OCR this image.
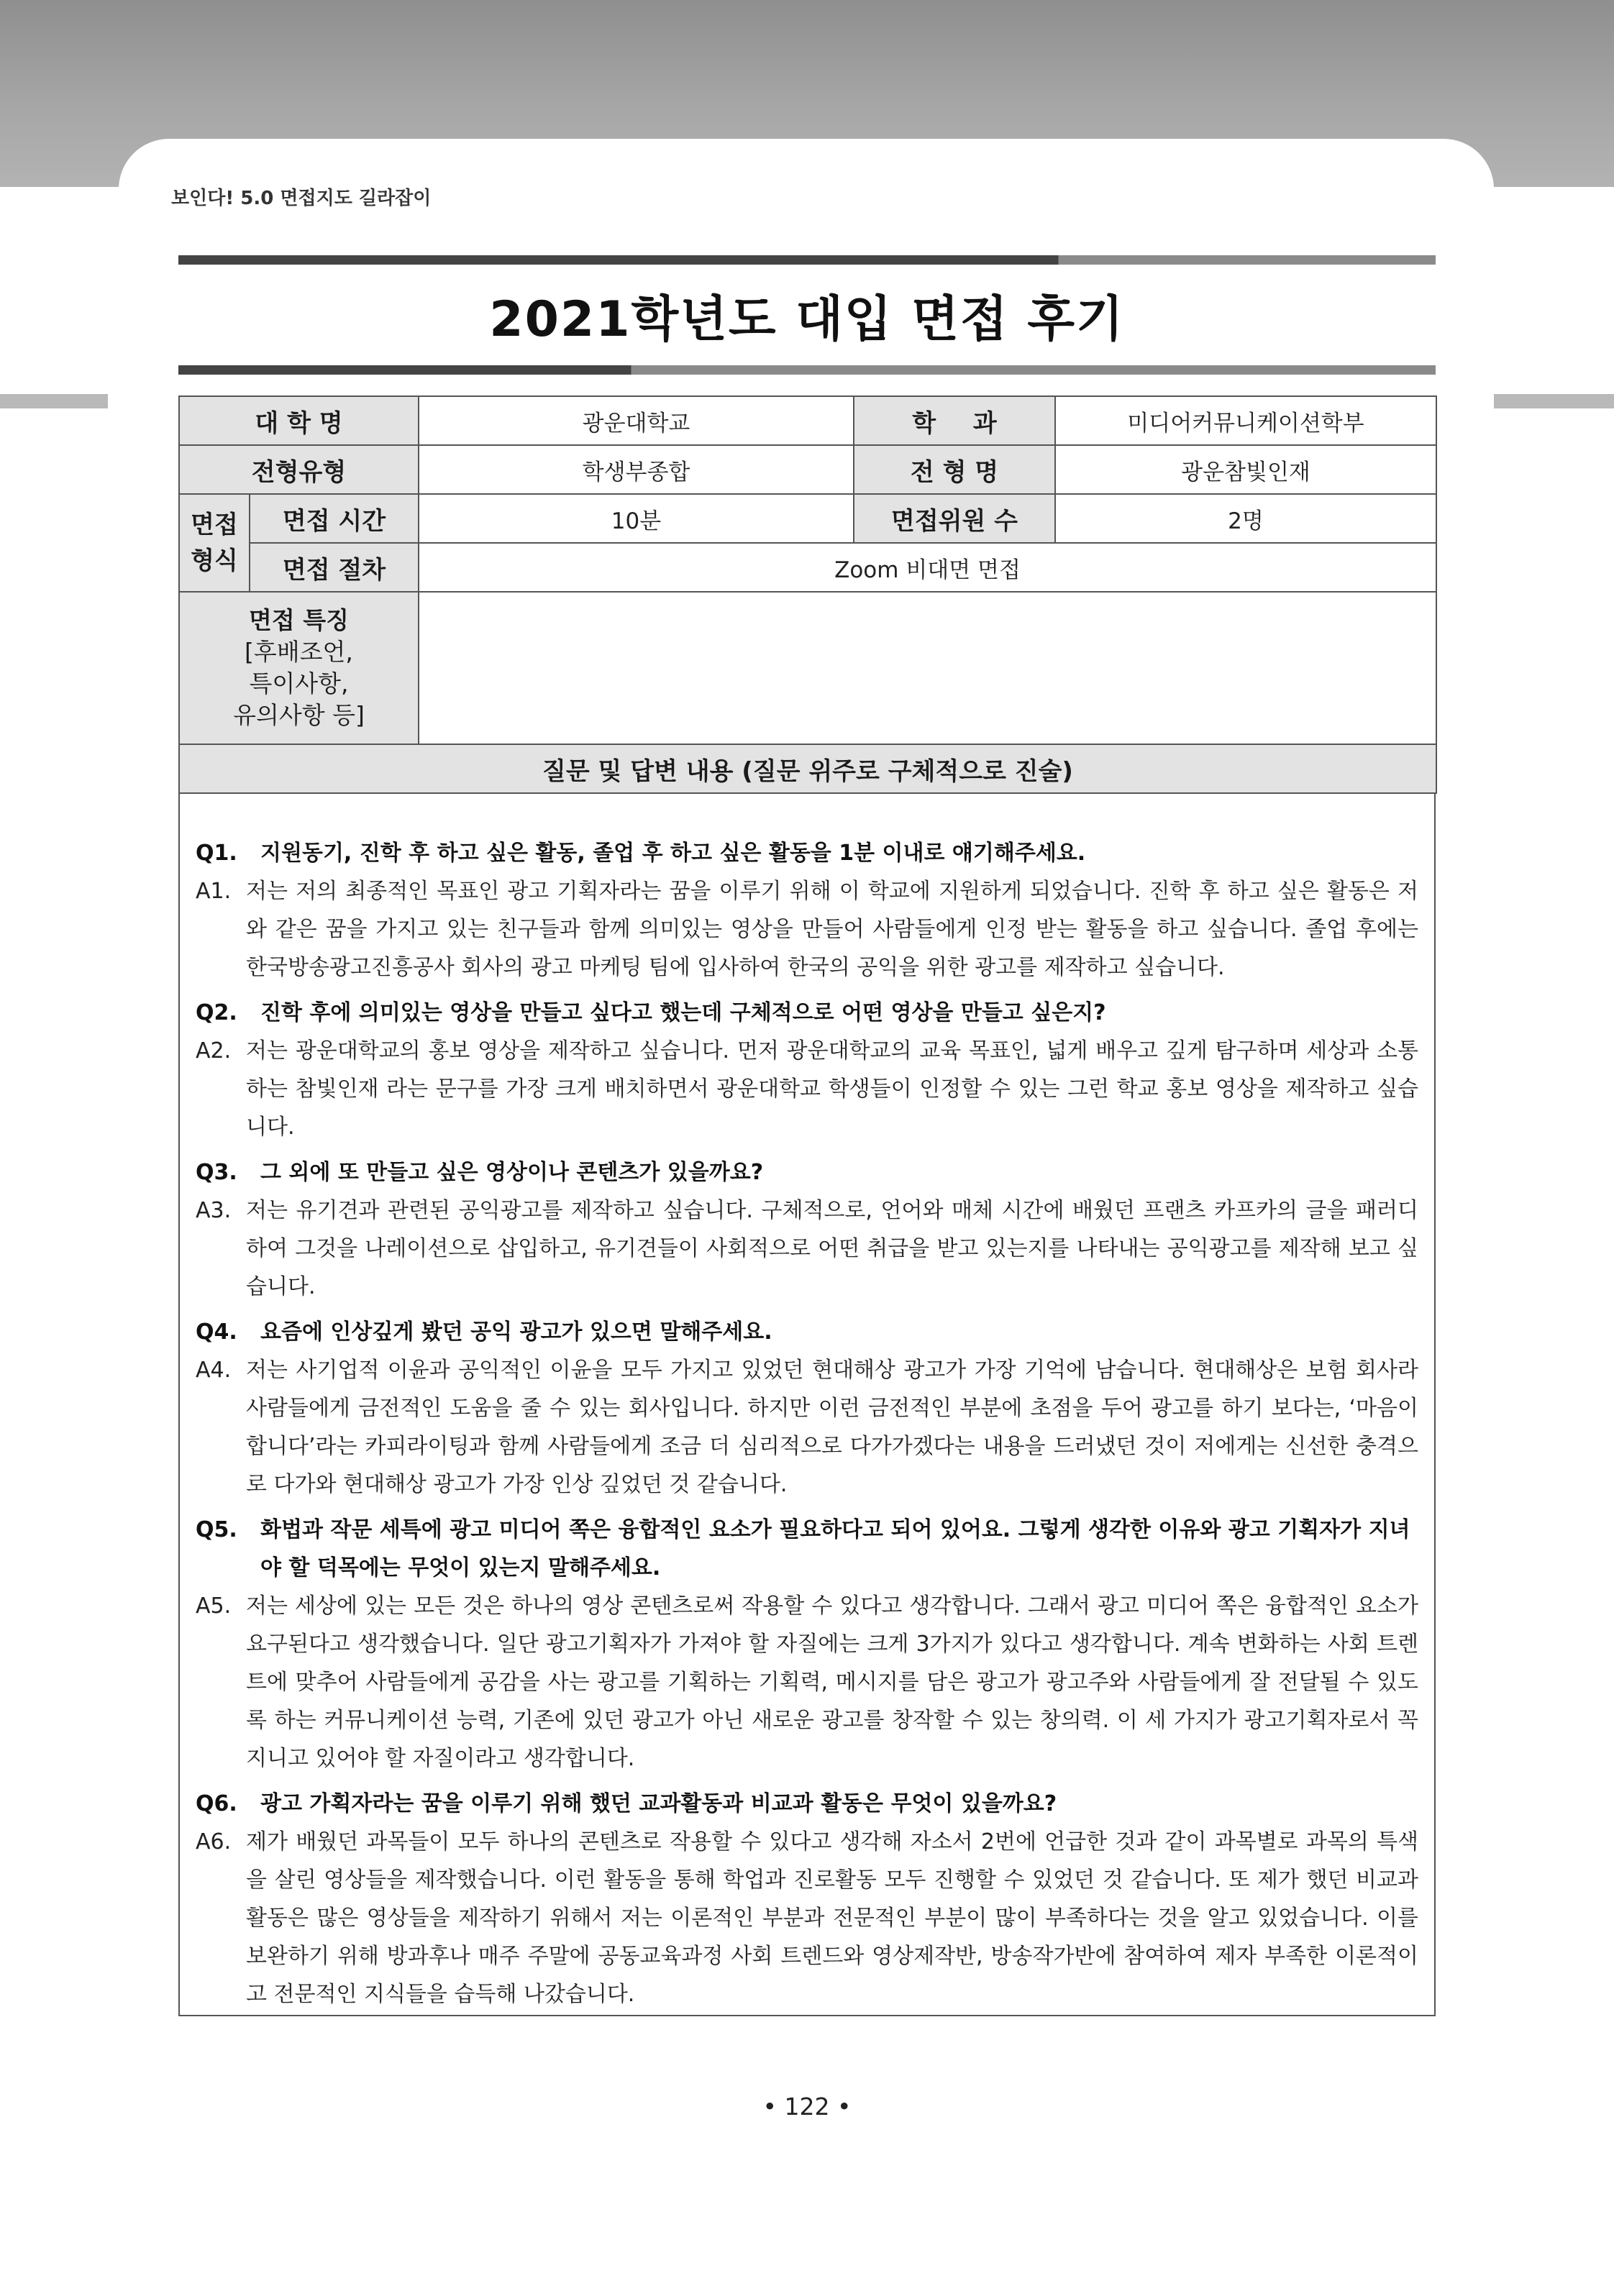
보인다! 5.0 면접지도 길라잡이
2021학년도 대입 면접 후기
대 학 명		광운대학교	학 과	미디어커뮤니케이션학부
전형유형		학생부종합	전 형 명	광운참빛인재

면접 형식	면접 시간	10분	면접위원 수	2명
	면접 절차	Zoom 비대면 면접		

면접 특징
[후배조언,
특이사항,
유의사항 등]				

질문 및 답변 내용 (질문 위주로 구체적으로 진술)				
Q1. 지원동기, 진학 후 하고 싶은 활동, 졸업 후 하고 싶은 활동을 1분 이내로 얘기해주세요.
A1. 저는 저의 최종적인 목표인 광고 기획자라는 꿈을 이루기 위해 이 학교에 지원하게 되었습니다. 진학 후 하고 싶은 활동은 저와 같은 꿈을 가지고 있는 친구들과 함께 의미있는 영상을 만들어 사람들에게 인정 받는 활동을 하고 싶습니다. 졸업 후에는 한국방송광고진흥공사 회사의 광고 마케팅 팀에 입사하여 한국의 공익을 위한 광고를 제작하고 싶습니다.
Q2. 진학 후에 의미있는 영상을 만들고 싶다고 했는데 구체적으로 어떤 영상을 만들고 싶은지?
A2. 저는 광운대학교의 홍보 영상을 제작하고 싶습니다. 먼저 광운대학교의 교육 목표인, 넓게 배우고 깊게 탐구하며 세상과 소통하는 참빛인재 라는 문구를 가장 크게 배치하면서 광운대학교 학생들이 인정할 수 있는 그런 학교 홍보 영상을 제작하고 싶습니다.
Q3. 그 외에 또 만들고 싶은 영상이나 콘텐츠가 있을까요?
A3. 저는 유기견과 관련된 공익광고를 제작하고 싶습니다. 구체적으로, 언어와 매체 시간에 배웠던 프랜츠 카프카의 글을 패러디하여 그것을 나레이션으로 삽입하고, 유기견들이 사회적으로 어떤 취급을 받고 있는지를 나타내는 공익광고를 제작해 보고 싶습니다.
Q4. 요즘에 인상깊게 봤던 공익 광고가 있으면 말해주세요.
A4. 저는 사기업적 이윤과 공익적인 이윤을 모두 가지고 있었던 현대해상 광고가 가장 기억에 남습니다. 현대해상은 보험 회사라 사람들에게 금전적인 도움을 줄 수 있는 회사입니다. 하지만 이런 금전적인 부분에 초점을 두어 광고를 하기 보다는, ‘마음이 합니다’라는 카피라이팅과 함께 사람들에게 조금 더 심리적으로 다가가겠다는 내용을 드러냈던 것이 저에게는 신선한 충격으로 다가와 현대해상 광고가 가장 인상 깊었던 것 같습니다.
Q5. 화법과 작문 세특에 광고 미디어 쪽은 융합적인 요소가 필요하다고 되어 있어요. 그렇게 생각한 이유와 광고 기획자가 지녀야 할 덕목에는 무엇이 있는지 말해주세요.
A5. 저는 세상에 있는 모든 것은 하나의 영상 콘텐츠로써 작용할 수 있다고 생각합니다. 그래서 광고 미디어 쪽은 융합적인 요소가 요구된다고 생각했습니다. 일단 광고기획자가 가져야 할 자질에는 크게 3가지가 있다고 생각합니다. 계속 변화하는 사회 트렌트에 맞추어 사람들에게 공감을 사는 광고를 기획하는 기획력, 메시지를 담은 광고가 광고주와 사람들에게 잘 전달될 수 있도록 하는 커뮤니케이션 능력, 기존에 있던 광고가 아닌 새로운 광고를 창작할 수 있는 창의력. 이 세 가지가 광고기획자로서 꼭 지니고 있어야 할 자질이라고 생각합니다.
Q6. 광고 가획자라는 꿈을 이루기 위해 했던 교과활동과 비교과 활동은 무엇이 있을까요?
A6. 제가 배웠던 과목들이 모두 하나의 콘텐츠로 작용할 수 있다고 생각해 자소서 2번에 언급한 것과 같이 과목별로 과목의 특색을 살린 영상들을 제작했습니다. 이런 활동을 통해 학업과 진로활동 모두 진행할 수 있었던 것 같습니다. 또 제가 했던 비교과 활동은 많은 영상들을 제작하기 위해서 저는 이론적인 부분과 전문적인 부분이 많이 부족하다는 것을 알고 있었습니다. 이를 보완하기 위해 방과후나 매주 주말에 공동교육과정 사회 트렌드와 영상제작반, 방송작가반에 참여하여 제자 부족한 이론적이고 전문적인 지식들을 습득해 나갔습니다.
• 122 •
